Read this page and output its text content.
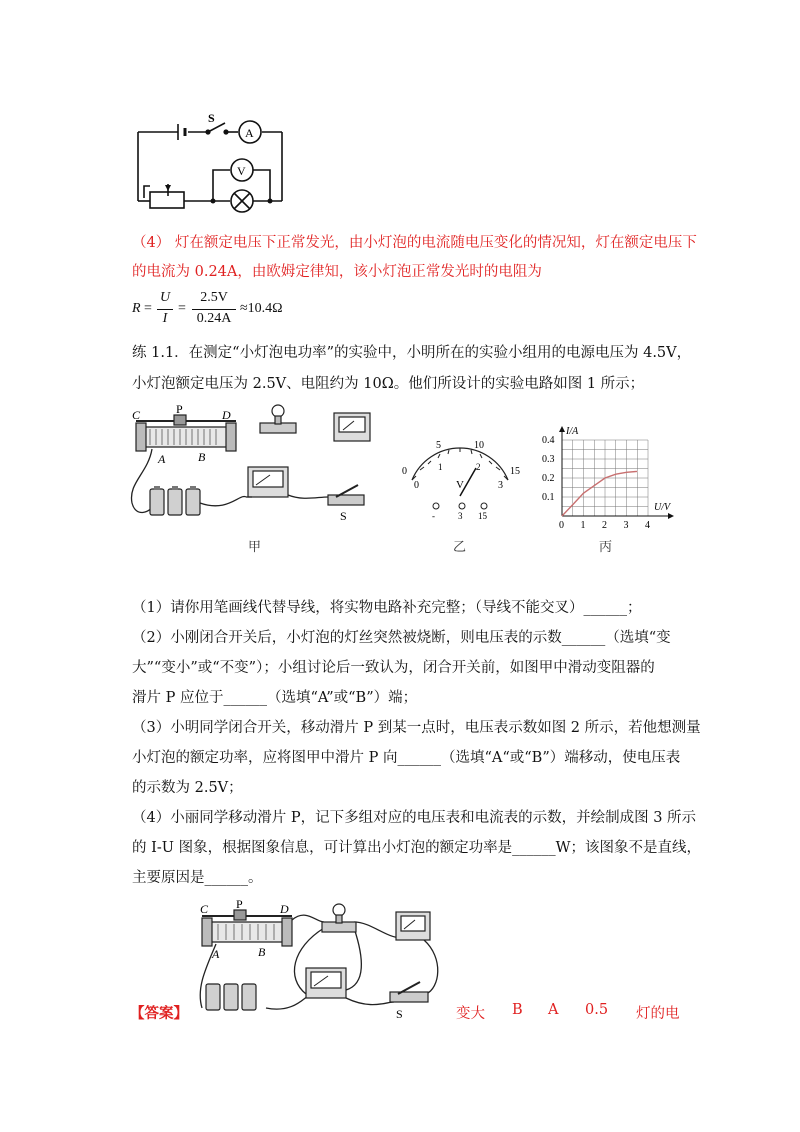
S
A
V
（4） 灯在额定电压下正常发光，由小灯泡的电流随电压变化的情况知，灯在额定电压下
的电流为 0.24A，由欧姆定律知，该小灯泡正常发光时的电阻为
R =
U
I
=
2.5V
0.24A
≈10.4Ω
练 1.1．在测定“小灯泡电功率”的实验中，小明所在的实验小组用的电源电压为 4.5V，
小灯泡额定电压为 2.5V、电阻约为 10Ω。他们所设计的实验电路如图 1 所示；
C	P	D
A	B
S
甲
5	10
0	15
0	3
1	2
V
-	3 15
乙
0 1 2 3 4
0.1
0.2
0.3
0.4
I/A
U/V
丙
（1）请你用笔画线代替导线，将实物电路补充完整；（导线不能交叉）______；
（2）小刚闭合开关后，小灯泡的灯丝突然被烧断，则电压表的示数______（选填“变
大”“变小”或“不变”）；小组讨论后一致认为，闭合开关前，如图甲中滑动变阻器的
滑片 P 应位于______（选填“A”或“B”）端；
（3）小明同学闭合开关，移动滑片 P 到某一点时，电压表示数如图 2 所示，若他想测量
小灯泡的额定功率，应将图甲中滑片 P 向______（选填“A“或“B”）端移动，使电压表
的示数为 2.5V；
（4）小丽同学移动滑片 P，记下多组对应的电压表和电流表的示数，并绘制成图 3 所示
的 I-U 图象，根据图象信息，可计算出小灯泡的额定功率是______W；该图象不是直线，
主要原因是______。
C P	D
A	B
S
【答案】	变大 B A 0.5 灯的电
